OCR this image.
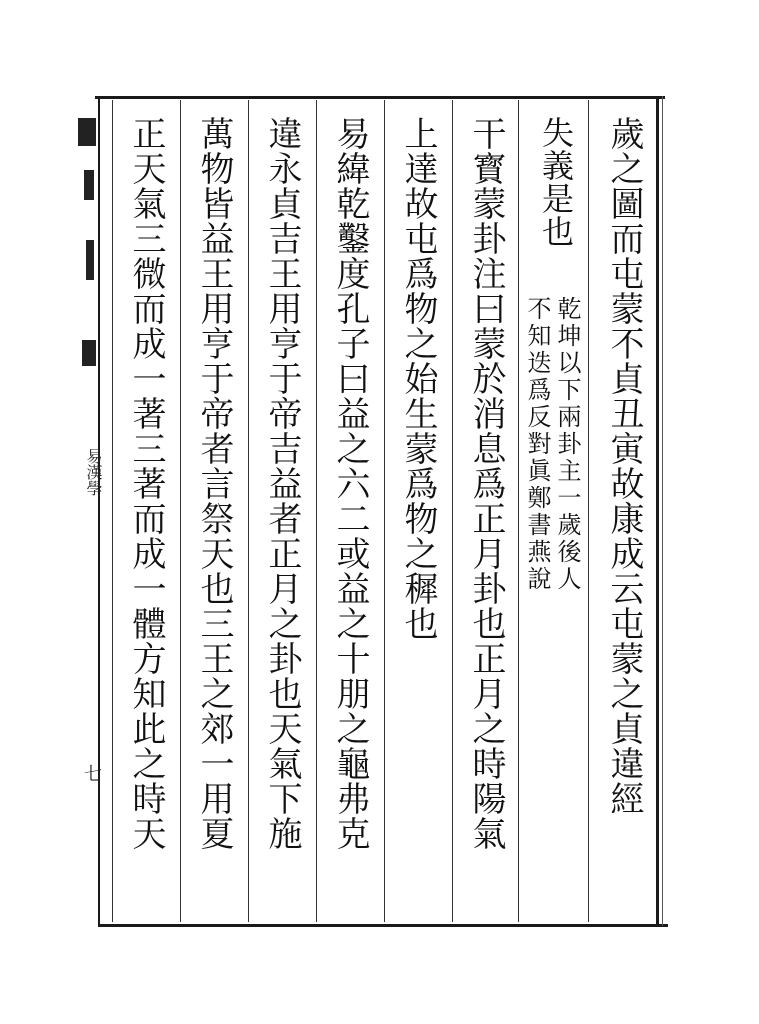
歲之圖而屯蒙不貞丑寅故康成云屯蒙之貞違經
失義是也
乾坤以下兩卦主一歲後人
不知迭爲反對眞鄭書燕說
干寳蒙卦注曰蒙於消息爲正月卦也正月之時陽氣
上達故屯爲物之始生蒙爲物之穉也
易緯乾鑿度孔子曰益之六二或益之十朋之龜弗克
違永貞吉王用亨于帝吉益者正月之卦也天氣下施
萬物皆益王用亨于帝者言祭天也三王之郊一用夏
正天氣三微而成一著三著而成一體方知此之時天
易漢學
七
